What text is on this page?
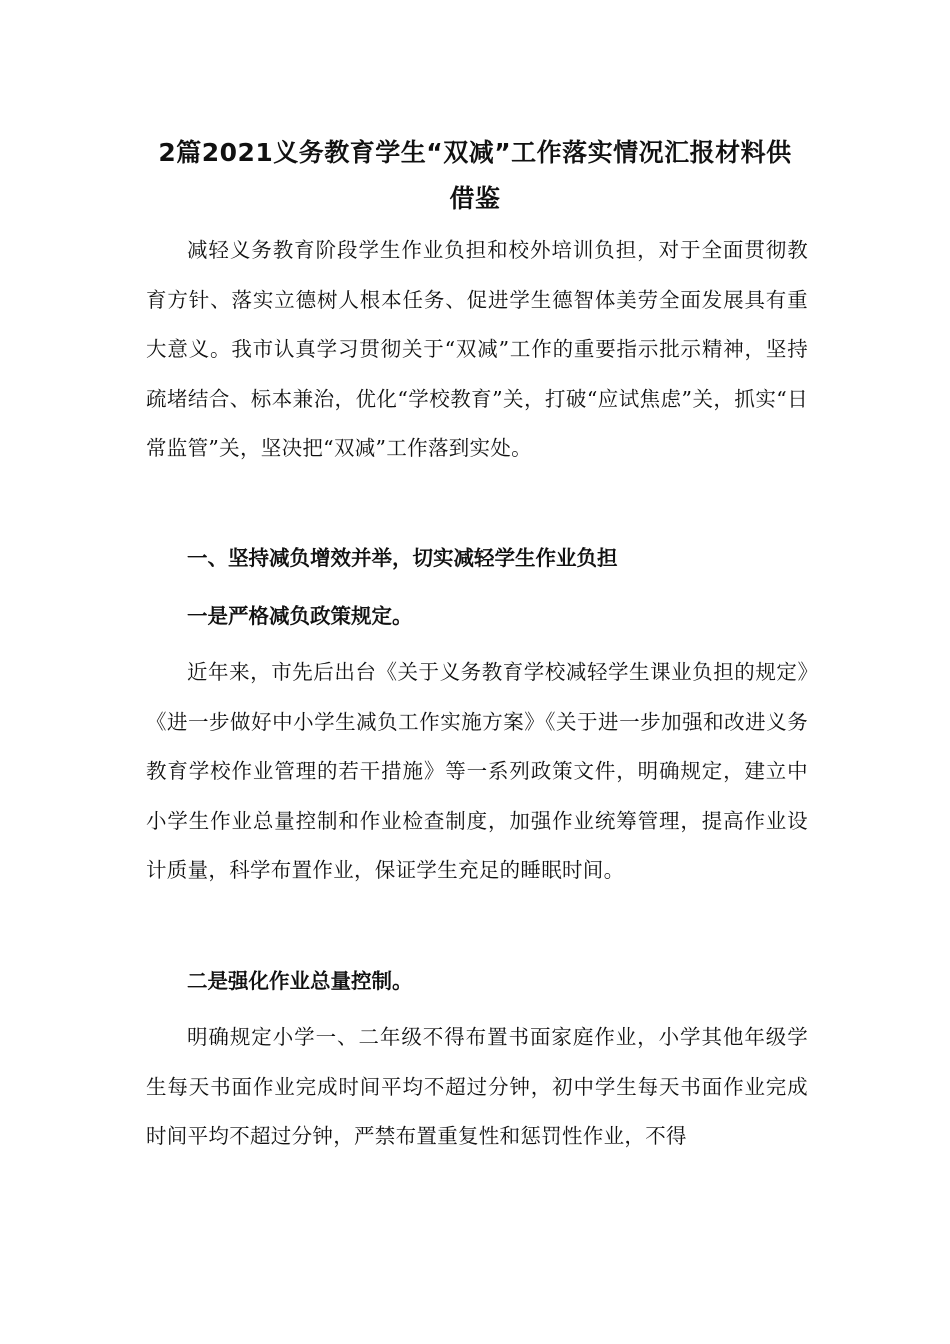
2篇2021义务教育学生“双减”工作落实情况汇报材料供
借鉴

减轻义务教育阶段学生作业负担和校外培训负担，对于全面贯彻教育方针、落实立德树人根本任务、促进学生德智体美劳全面发展具有重大意义。我市认真学习贯彻关于“双减”工作的重要指示批示精神，坚持疏堵结合、标本兼治，优化“学校教育”关，打破“应试焦虑”关，抓实“日常监管”关，坚决把“双减”工作落到实处。

一、坚持减负增效并举，切实减轻学生作业负担

一是严格减负政策规定。

近年来，市先后出台《关于义务教育学校减轻学生课业负担的规定》《进一步做好中小学生减负工作实施方案》《关于进一步加强和改进义务教育学校作业管理的若干措施》等一系列政策文件，明确规定，建立中小学生作业总量控制和作业检查制度，加强作业统筹管理，提高作业设计质量，科学布置作业，保证学生充足的睡眠时间。

二是强化作业总量控制。

明确规定小学一、二年级不得布置书面家庭作业，小学其他年级学生每天书面作业完成时间平均不超过分钟，初中学生每天书面作业完成时间平均不超过分钟，严禁布置重复性和惩罚性作业，不得
